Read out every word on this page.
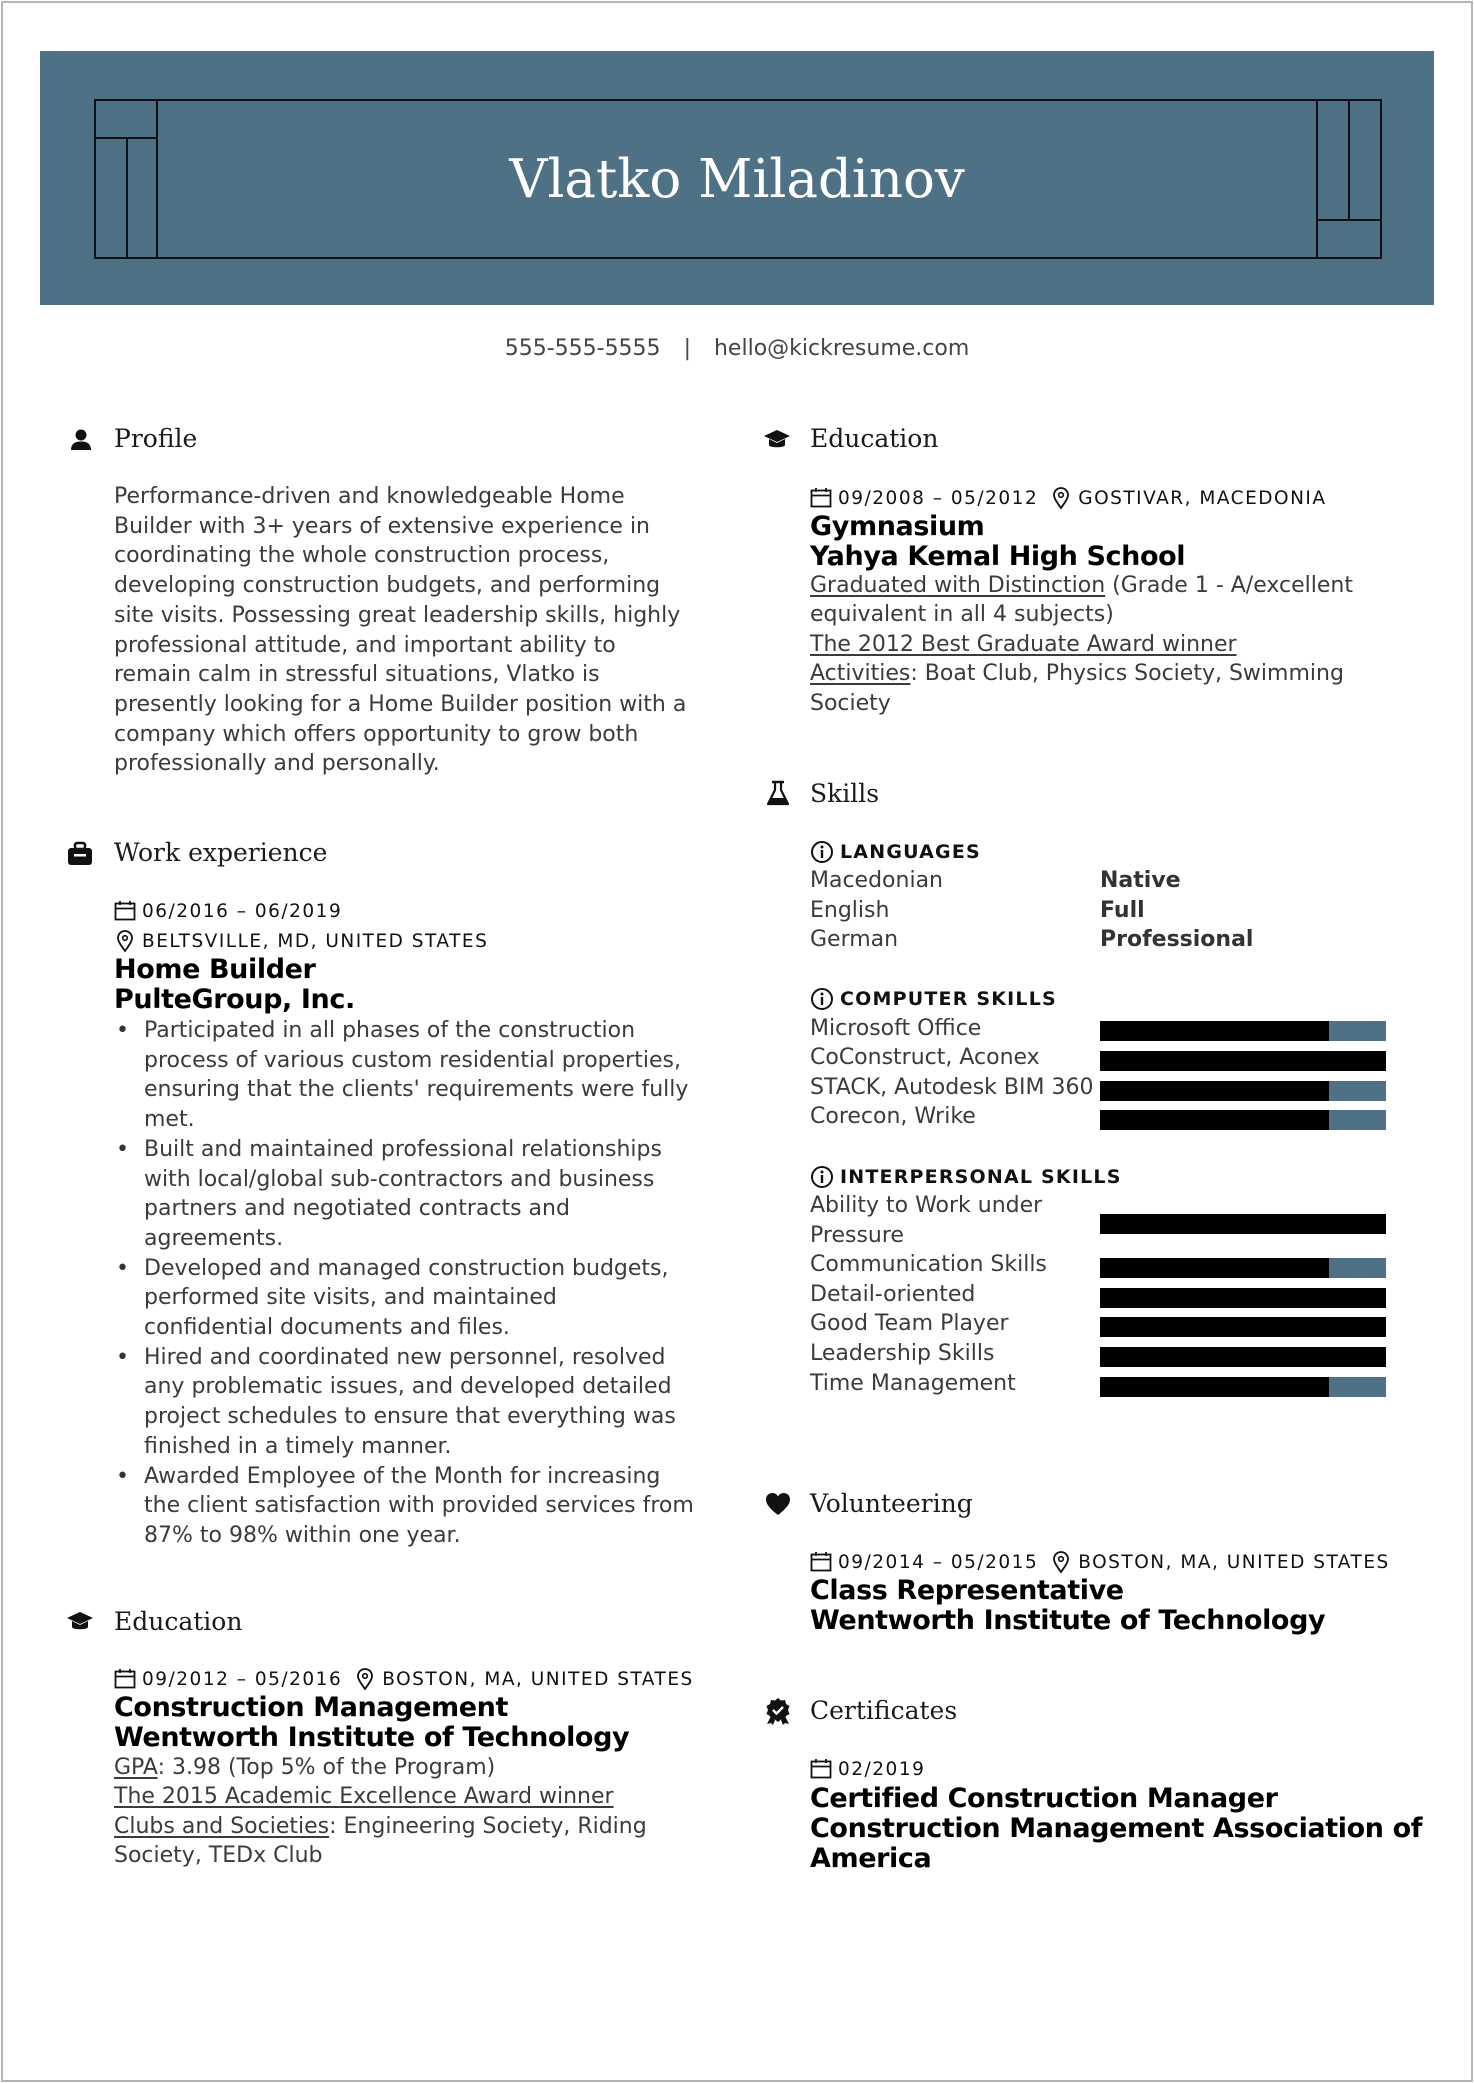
Vlatko Miladinov
555-555-5555 | hello@kickresume.com
Profile
Performance-driven and knowledgeable Home
Builder with 3+ years of extensive experience in
coordinating the whole construction process,
developing construction budgets, and performing
site visits. Possessing great leadership skills, highly
professional attitude, and important ability to
remain calm in stressful situations, Vlatko is
presently looking for a Home Builder position with a
company which offers opportunity to grow both
professionally and personally.
Work experience
06/2016 – 06/2019
BELTSVILLE, MD, UNITED STATES
Home Builder
PulteGroup, Inc.
• Participated in all phases of the construction
process of various custom residential properties,
ensuring that the clients' requirements were fully
met.
• Built and maintained professional relationships
with local/global sub-contractors and business
partners and negotiated contracts and
agreements.
• Developed and managed construction budgets,
performed site visits, and maintained
confidential documents and files.
• Hired and coordinated new personnel, resolved
any problematic issues, and developed detailed
project schedules to ensure that everything was
finished in a timely manner.
• Awarded Employee of the Month for increasing
the client satisfaction with provided services from
87% to 98% within one year.
Education
09/2012 – 05/2016 BOSTON, MA, UNITED STATES
Construction Management
Wentworth Institute of Technology
GPA: 3.98 (Top 5% of the Program)
The 2015 Academic Excellence Award winner
Clubs and Societies: Engineering Society, Riding
Society, TEDx Club
Education
09/2008 – 05/2012 GOSTIVAR, MACEDONIA
Gymnasium
Yahya Kemal High School
Graduated with Distinction (Grade 1 - A/excellent
equivalent in all 4 subjects)
The 2012 Best Graduate Award winner
Activities: Boat Club, Physics Society, Swimming
Society
Skills
LANGUAGES
Macedonian	Native
English	Full
German	Professional
COMPUTER SKILLS
Microsoft Office
CoConstruct, Aconex
STACK, Autodesk BIM 360
Corecon, Wrike
INTERPERSONAL SKILLS
Ability to Work under
Pressure
Communication Skills
Detail-oriented
Good Team Player
Leadership Skills
Time Management
Volunteering
09/2014 – 05/2015 BOSTON, MA, UNITED STATES
Class Representative
Wentworth Institute of Technology
Certificates
02/2019
Certified Construction Manager
Construction Management Association of
America
